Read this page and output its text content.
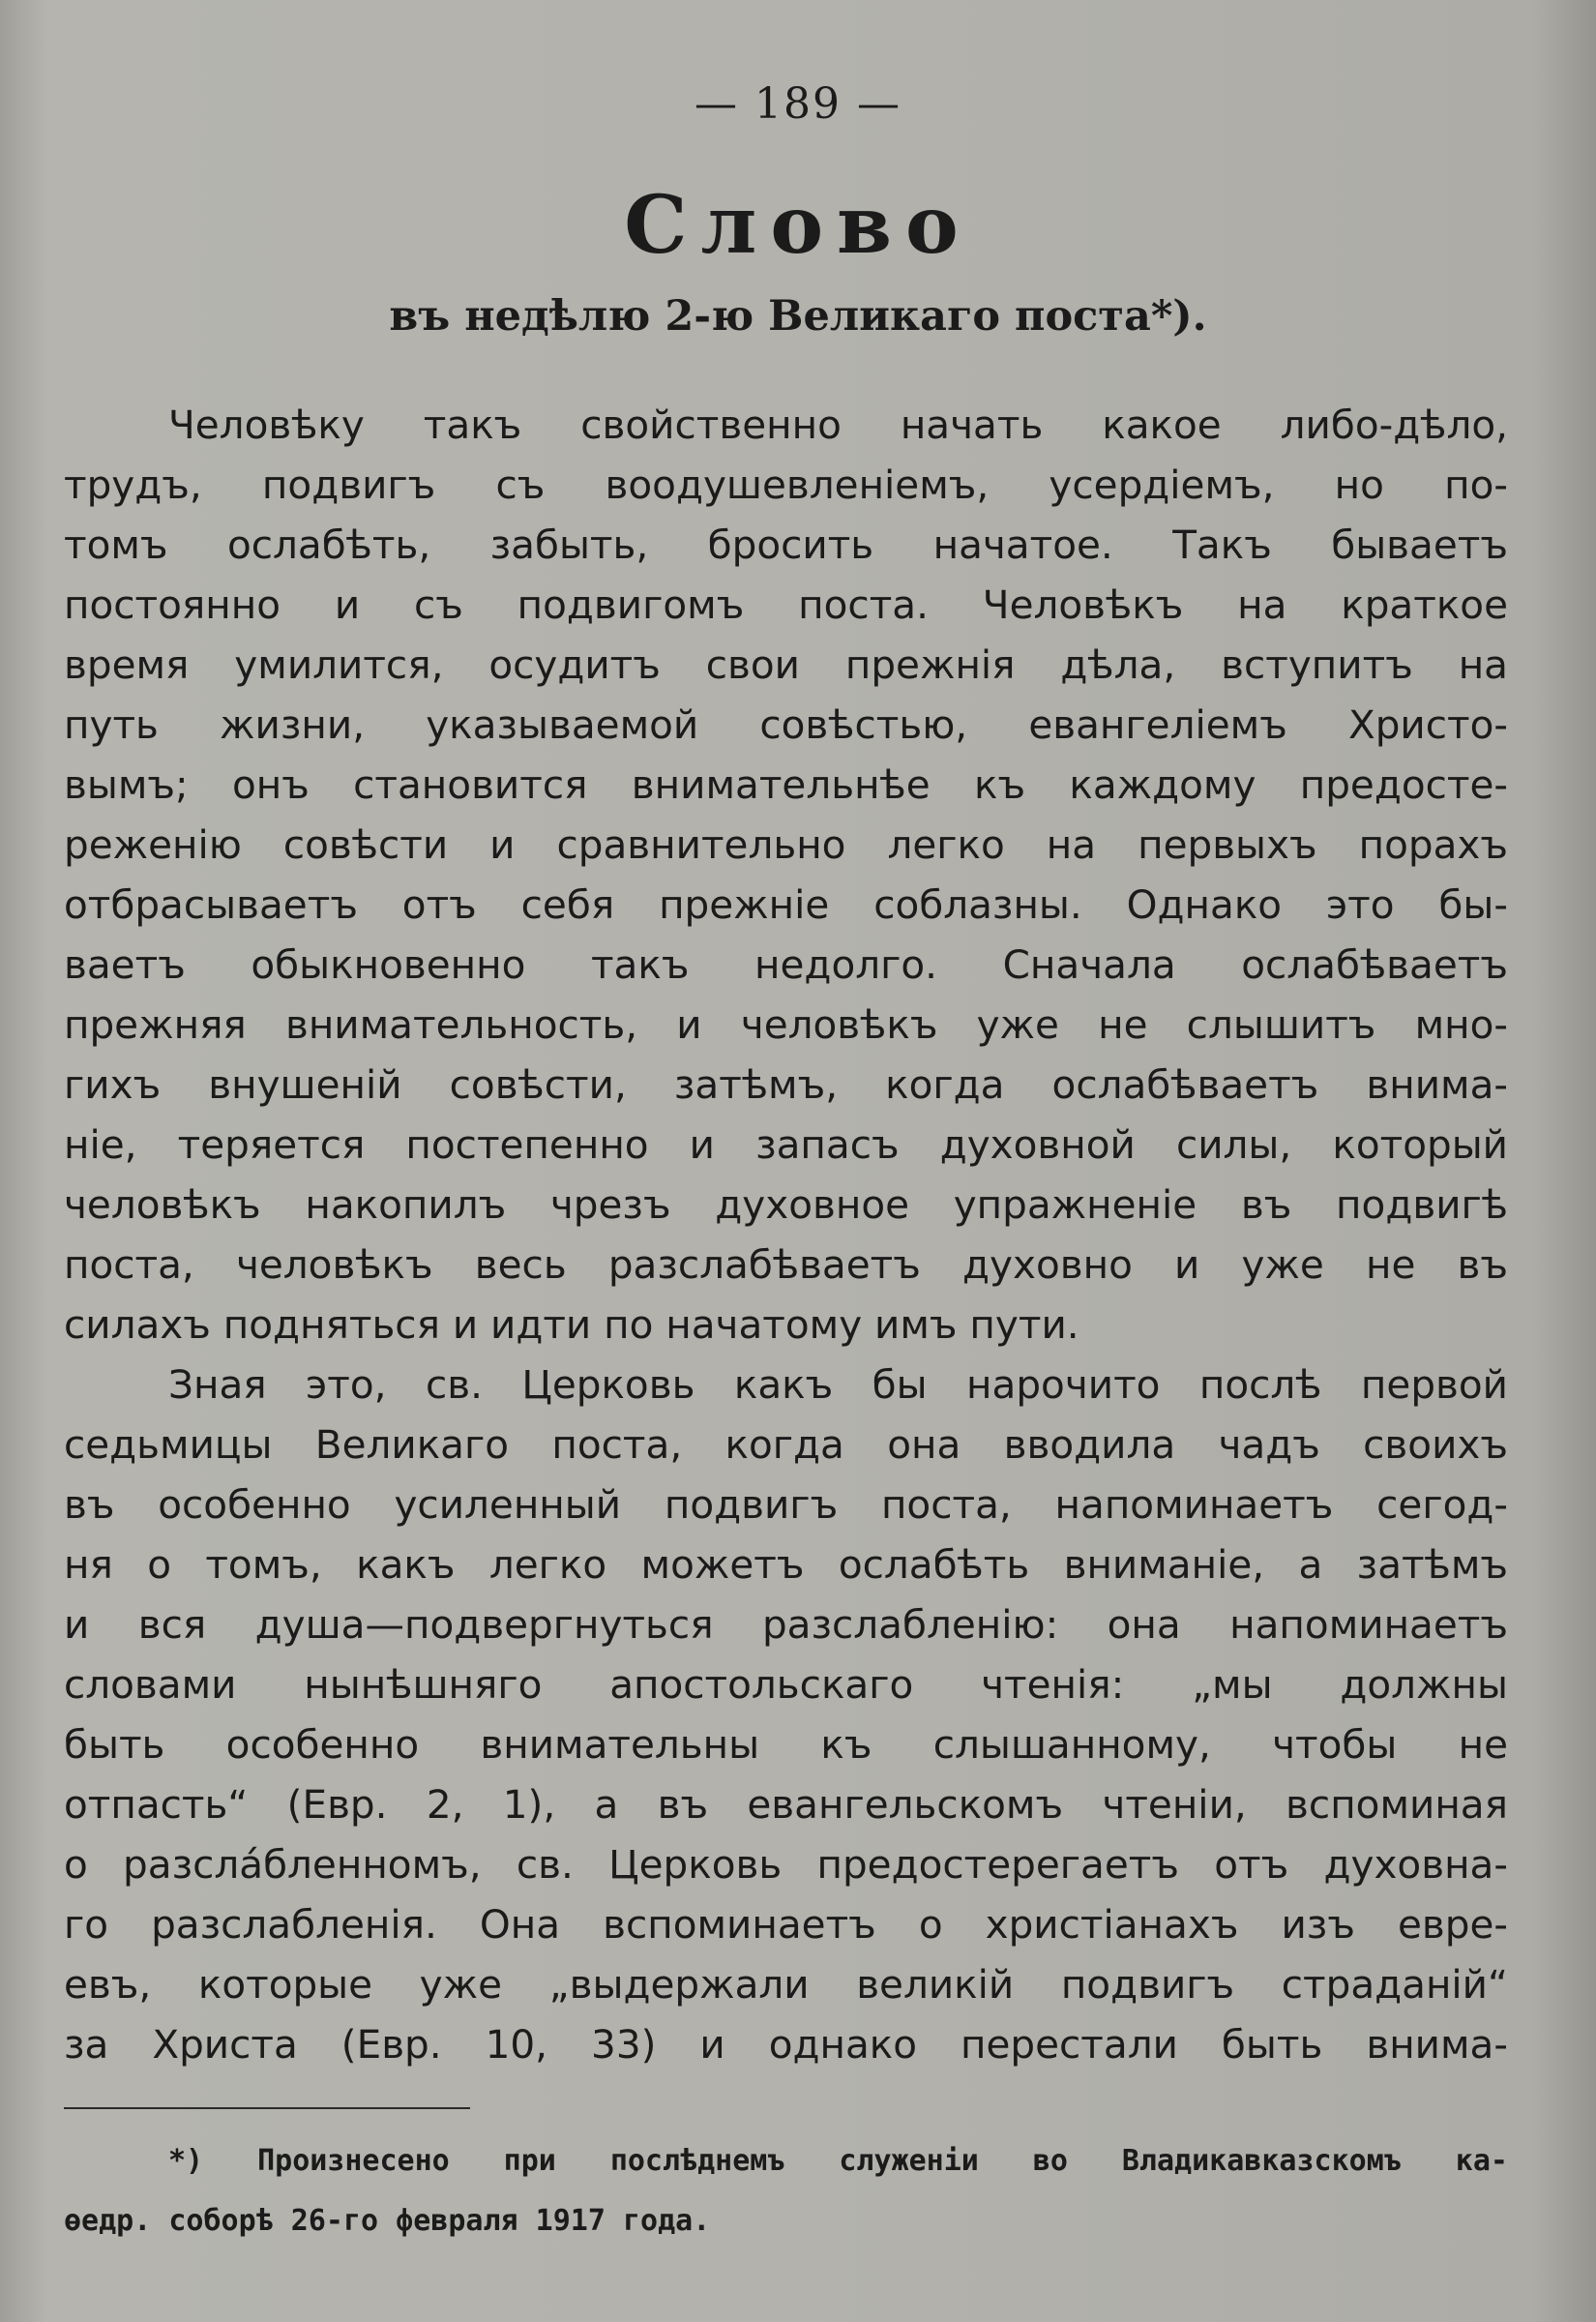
— 189 —
Слово
въ недѣлю 2-ю Великаго поста*).
Человѣку такъ свойственно начать какое либо-дѣло,
трудъ, подвигъ съ воодушевленіемъ, усердіемъ, но по-
томъ ослабѣть, забыть, бросить начатое. Такъ бываетъ
постоянно и съ подвигомъ поста. Человѣкъ на краткое
время умилится, осудитъ свои прежнія дѣла, вступитъ на
путь жизни, указываемой совѣстью, евангеліемъ Христо-
вымъ; онъ становится внимательнѣе къ каждому предосте-
реженію совѣсти и сравнительно легко на первыхъ порахъ
отбрасываетъ отъ себя прежніе соблазны. Однако это бы-
ваетъ обыкновенно такъ недолго. Сначала ослабѣваетъ
прежняя внимательность, и человѣкъ уже не слышитъ мно-
гихъ внушеній совѣсти, затѣмъ, когда ослабѣваетъ внима-
ніе, теряется постепенно и запасъ духовной силы, который
человѣкъ накопилъ чрезъ духовное упражненіе въ подвигѣ
поста, человѣкъ весь разслабѣваетъ духовно и уже не въ
силахъ подняться и идти по начатому имъ пути.
Зная это, св. Церковь какъ бы нарочито послѣ первой
седьмицы Великаго поста, когда она вводила чадъ своихъ
въ особенно усиленный подвигъ поста, напоминаетъ сегод-
ня о томъ, какъ легко можетъ ослабѣть вниманіе, а затѣмъ
и вся душа—подвергнуться разслабленію: она напоминаетъ
словами нынѣшняго апостольскаго чтенія: „мы должны
быть особенно внимательны къ слышанному, чтобы не
отпасть“ (Евр. 2, 1), а въ евангельскомъ чтеніи, вспоминая
о разслáбленномъ, св. Церковь предостерегаетъ отъ духовна-
го разслабленія. Она вспоминаетъ о христіанахъ изъ евре-
евъ, которые уже „выдержали великій подвигъ страданій“
за Христа (Евр. 10, 33) и однако перестали быть внима-
*) Произнесено при послѣднемъ служеніи во Владикавказскомъ ка-
ѳедр. соборѣ 26-го февраля 1917 года.
